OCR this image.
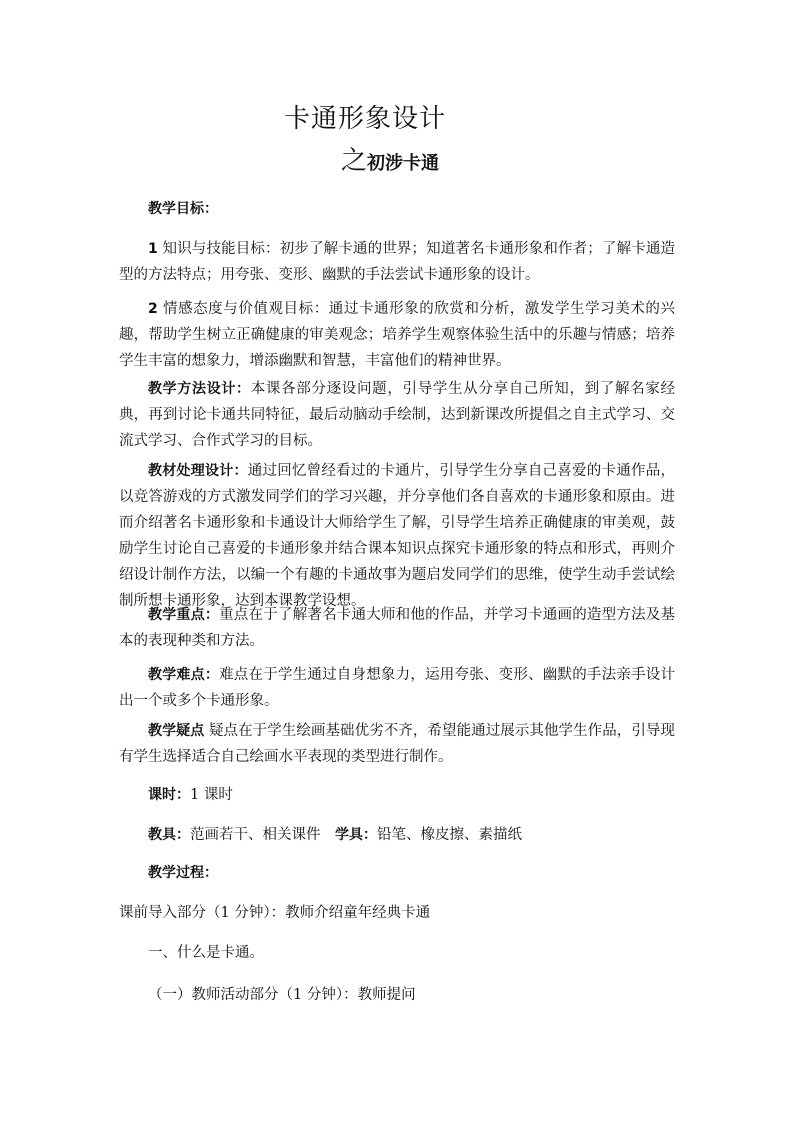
卡通形象设计
之初涉卡通

教学目标：

1 知识与技能目标：初步了解卡通的世界；知道著名卡通形象和作者；了解卡通造型的方法特点；用夸张、变形、幽默的手法尝试卡通形象的设计。

2 情感态度与价值观目标：通过卡通形象的欣赏和分析，激发学生学习美术的兴趣，帮助学生树立正确健康的审美观念；培养学生观察体验生活中的乐趣与情感；培养学生丰富的想象力，增添幽默和智慧，丰富他们的精神世界。

教学方法设计：本课各部分逐设问题，引导学生从分享自己所知，到了解名家经典，再到讨论卡通共同特征，最后动脑动手绘制，达到新课改所提倡之自主式学习、交流式学习、合作式学习的目标。

教材处理设计：通过回忆曾经看过的卡通片，引导学生分享自己喜爱的卡通作品，以竞答游戏的方式激发同学们的学习兴趣，并分享他们各自喜欢的卡通形象和原由。进而介绍著名卡通形象和卡通设计大师给学生了解，引导学生培养正确健康的审美观，鼓励学生讨论自己喜爱的卡通形象并结合课本知识点探究卡通形象的特点和形式，再则介绍设计制作方法，以编一个有趣的卡通故事为题启发同学们的思维，使学生动手尝试绘制所想卡通形象，达到本课教学设想。

教学重点：重点在于了解著名卡通大师和他的作品，并学习卡通画的造型方法及基本的表现种类和方法。

教学难点：难点在于学生通过自身想象力，运用夸张、变形、幽默的手法亲手设计出一个或多个卡通形象。

教学疑点 疑点在于学生绘画基础优劣不齐，希望能通过展示其他学生作品，引导现有学生选择适合自己绘画水平表现的类型进行制作。

课时：1 课时

教具：范画若干、相关课件　学具：铅笔、橡皮擦、素描纸

教学过程：

课前导入部分（1 分钟）：教师介绍童年经典卡通

一、什么是卡通。

（一）教师活动部分（1 分钟）：教师提问
